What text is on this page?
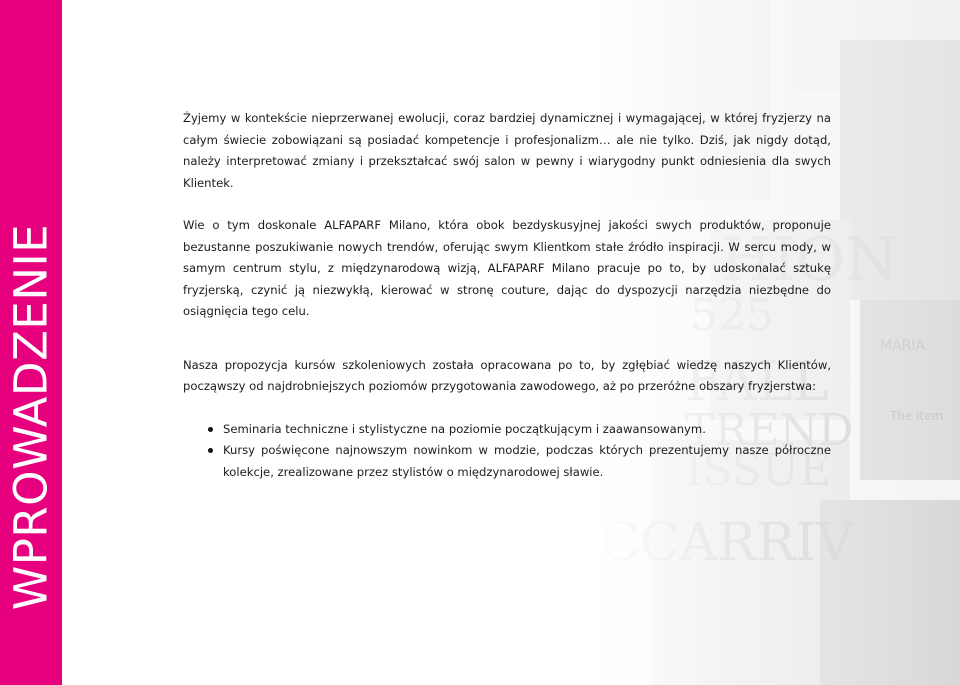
WPROWADZENIE

Żyjemy w kontekście nieprzerwanej ewolucji, coraz bardziej dynamicznej i wymagającej, w której fryzjerzy na całym świecie zobowiązani są posiadać kompetencje i profesjonalizm… ale nie tylko. Dziś, jak nigdy dotąd, należy interpretować zmiany i przekształcać swój salon w pewny i wiarygodny punkt odniesienia dla swych Klientek.

Wie o tym doskonale ALFAPARF Milano, która obok bezdyskusyjnej jakości swych produktów, proponuje bezustanne poszukiwanie nowych trendów, oferując swym Klientkom stałe źródło inspiracji. W sercu mody, w samym centrum stylu, z międzynarodową wizją, ALFAPARF Milano pracuje po to, by udoskonalać sztukę fryzjerską, czynić ją niezwykłą, kierować w stronę couture, dając do dyspozycji narzędzia niezbędne do osiągnięcia tego celu.

Nasza propozycja kursów szkoleniowych została opracowana po to, by zgłębiać wiedzę naszych Klientów, począwszy od najdrobniejszych poziomów przygotowania zawodowego, aż po przeróżne obszary fryzjerstwa:

Seminaria techniczne i stylistyczne na poziomie początkującym i zaawansowanym.
Kursy poświęcone najnowszym nowinkom w modzie, podczas których prezentujemy nasze półroczne kolekcje, zrealizowane przez stylistów o międzynarodowej sławie.
